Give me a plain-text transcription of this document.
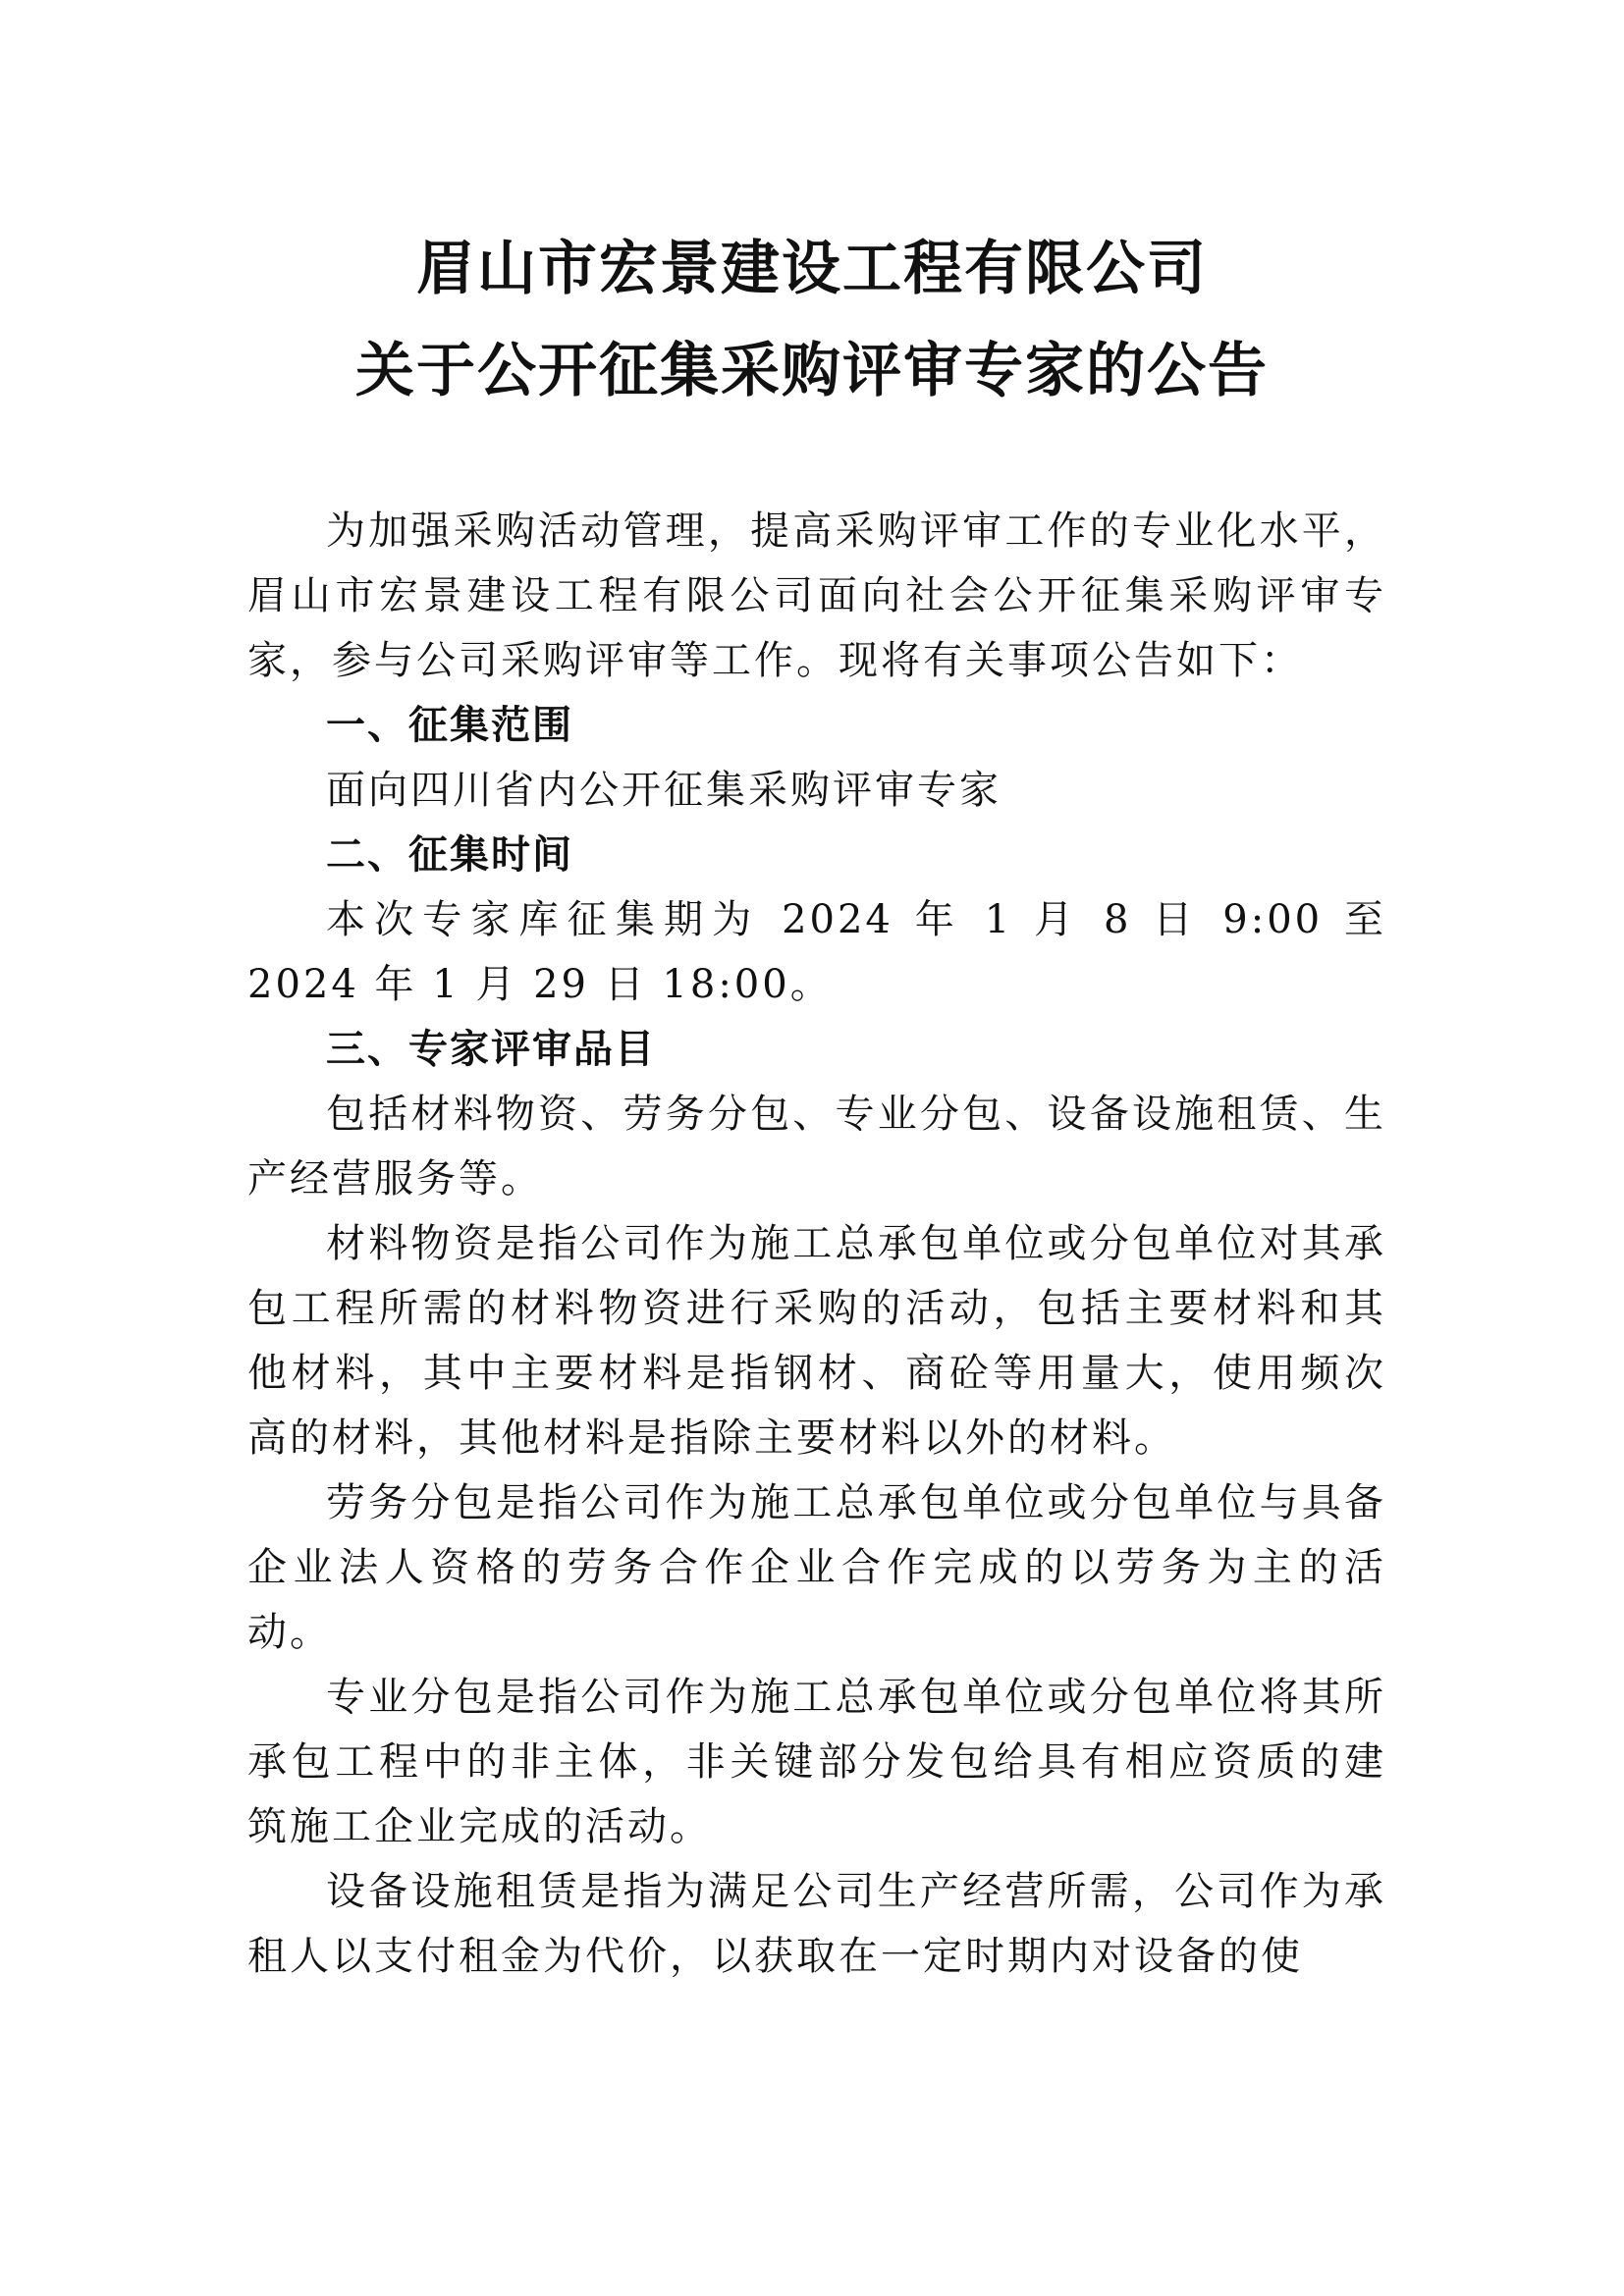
眉山市宏景建设工程有限公司
关于公开征集采购评审专家的公告

为加强采购活动管理，提高采购评审工作的专业化水平，眉山市宏景建设工程有限公司面向社会公开征集采购评审专家，参与公司采购评审等工作。现将有关事项公告如下：

一、征集范围

面向四川省内公开征集采购评审专家

二、征集时间

本次专家库征集期为 2024 年 1 月 8 日 9:00 至 2024 年 1 月 29 日 18:00。

三、专家评审品目

包括材料物资、劳务分包、专业分包、设备设施租赁、生产经营服务等。

材料物资是指公司作为施工总承包单位或分包单位对其承包工程所需的材料物资进行采购的活动，包括主要材料和其他材料，其中主要材料是指钢材、商砼等用量大，使用频次高的材料，其他材料是指除主要材料以外的材料。

劳务分包是指公司作为施工总承包单位或分包单位与具备企业法人资格的劳务合作企业合作完成的以劳务为主的活动。

专业分包是指公司作为施工总承包单位或分包单位将其所承包工程中的非主体，非关键部分发包给具有相应资质的建筑施工企业完成的活动。

设备设施租赁是指为满足公司生产经营所需，公司作为承租人以支付租金为代价，以获取在一定时期内对设备的使
